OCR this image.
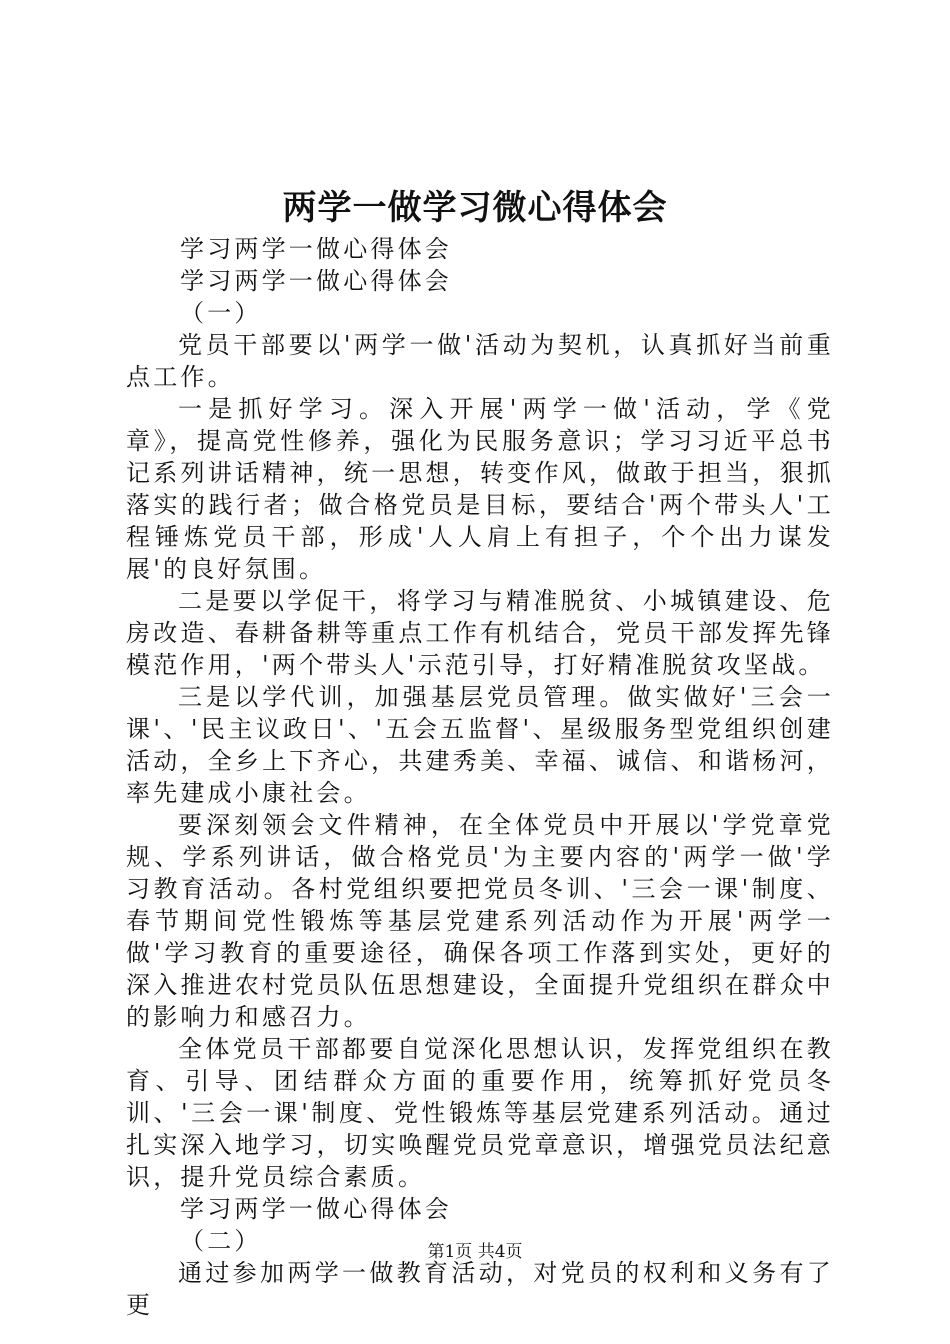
两学一做学习微心得体会

学习两学一做心得体会

学习两学一做心得体会

（一）

党员干部要以'两学一做'活动为契机，认真抓好当前重点工作。

一是抓好学习。深入开展'两学一做'活动，学《党章》，提高党性修养，强化为民服务意识；学习习近平总书记系列讲话精神，统一思想，转变作风，做敢于担当，狠抓落实的践行者；做合格党员是目标，要结合'两个带头人'工程锤炼党员干部，形成'人人肩上有担子，个个出力谋发展'的良好氛围。

二是要以学促干，将学习与精准脱贫、小城镇建设、危房改造、春耕备耕等重点工作有机结合，党员干部发挥先锋模范作用，'两个带头人'示范引导，打好精准脱贫攻坚战。

三是以学代训，加强基层党员管理。做实做好'三会一课'、'民主议政日'、'五会五监督'、星级服务型党组织创建活动，全乡上下齐心，共建秀美、幸福、诚信、和谐杨河，率先建成小康社会。

要深刻领会文件精神，在全体党员中开展以'学党章党规、学系列讲话，做合格党员'为主要内容的'两学一做'学习教育活动。各村党组织要把党员冬训、'三会一课'制度、春节期间党性锻炼等基层党建系列活动作为开展'两学一做'学习教育的重要途径，确保各项工作落到实处，更好的深入推进农村党员队伍思想建设，全面提升党组织在群众中的影响力和感召力。

全体党员干部都要自觉深化思想认识，发挥党组织在教育、引导、团结群众方面的重要作用，统筹抓好党员冬训、'三会一课'制度、党性锻炼等基层党建系列活动。通过扎实深入地学习，切实唤醒党员党章意识，增强党员法纪意识，提升党员综合素质。

学习两学一做心得体会

（二）

通过参加两学一做教育活动，对党员的权利和义务有了更

第1页 共4页
